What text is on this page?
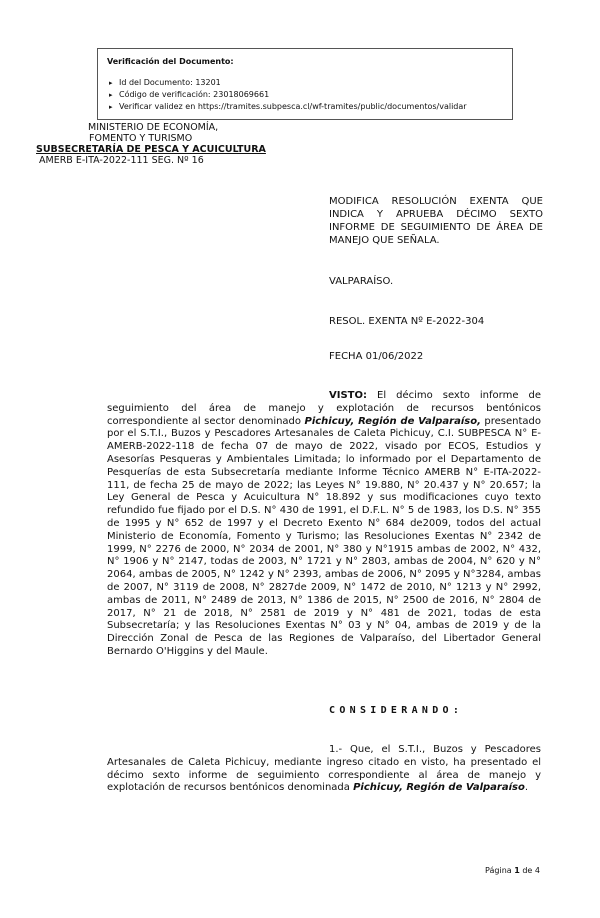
Verificación del Documento:
▸ Id del Documento: 13201
▸ Código de verificación: 23018069661
▸ Verificar validez en https://tramites.subpesca.cl/wf-tramites/public/documentos/validar
MINISTERIO DE ECONOMÍA,
FOMENTO Y TURISMO
SUBSECRETARÍA DE PESCA Y ACUICULTURA
AMERB E-ITA-2022-111 SEG. Nº 16
MODIFICA RESOLUCIÓN EXENTA QUE INDICA Y APRUEBA DÉCIMO SEXTO INFORME DE SEGUIMIENTO DE ÁREA DE MANEJO QUE SEÑALA.
VALPARAÍSO.
RESOL. EXENTA Nº E-2022-304
FECHA 01/06/2022

VISTO: El décimo sexto informe de seguimiento del área de manejo y explotación de recursos bentónicos correspondiente al sector denominado Pichicuy, Región de Valparaíso, presentado por el S.T.I., Buzos y Pescadores Artesanales de Caleta Pichicuy, C.I. SUBPESCA N° E-AMERB-2022-118 de fecha 07 de mayo de 2022, visado por ECOS, Estudios y Asesorías Pesqueras y Ambientales Limitada; lo informado por el Departamento de Pesquerías de esta Subsecretaría mediante Informe Técnico AMERB N° E-ITA-2022-111, de fecha 25 de mayo de 2022; las Leyes N° 19.880, N° 20.437 y N° 20.657; la Ley General de Pesca y Acuicultura N° 18.892 y sus modificaciones cuyo texto refundido fue fijado por el D.S. N° 430 de 1991, el D.F.L. N° 5 de 1983, los D.S. N° 355 de 1995 y N° 652 de 1997 y el Decreto Exento N° 684 de2009, todos del actual Ministerio de Economía, Fomento y Turismo; las Resoluciones Exentas N° 2342 de 1999, N° 2276 de 2000, N° 2034 de 2001, N° 380 y N°1915 ambas de 2002, N° 432, N° 1906 y N° 2147, todas de 2003, N° 1721 y N° 2803, ambas de 2004, N° 620 y N° 2064, ambas de 2005, N° 1242 y N° 2393, ambas de 2006, N° 2095 y N°3284, ambas de 2007, N° 3119 de 2008, N° 2827de 2009, N° 1472 de 2010, N° 1213 y N° 2992, ambas de 2011, N° 2489 de 2013, N° 1386 de 2015, N° 2500 de 2016, N° 2804 de 2017, N° 21 de 2018, N° 2581 de 2019 y N° 481 de 2021, todas de esta Subsecretaría; y las Resoluciones Exentas N° 03 y N° 04, ambas de 2019 y de la Dirección Zonal de Pesca de las Regiones de Valparaíso, del Libertador General Bernardo O'Higgins y del Maule.

CONSIDERANDO:

1.- Que, el S.T.I., Buzos y Pescadores Artesanales de Caleta Pichicuy, mediante ingreso citado en visto, ha presentado el décimo sexto informe de seguimiento correspondiente al área de manejo y explotación de recursos bentónicos denominada Pichicuy, Región de Valparaíso.

Página 1 de 4
